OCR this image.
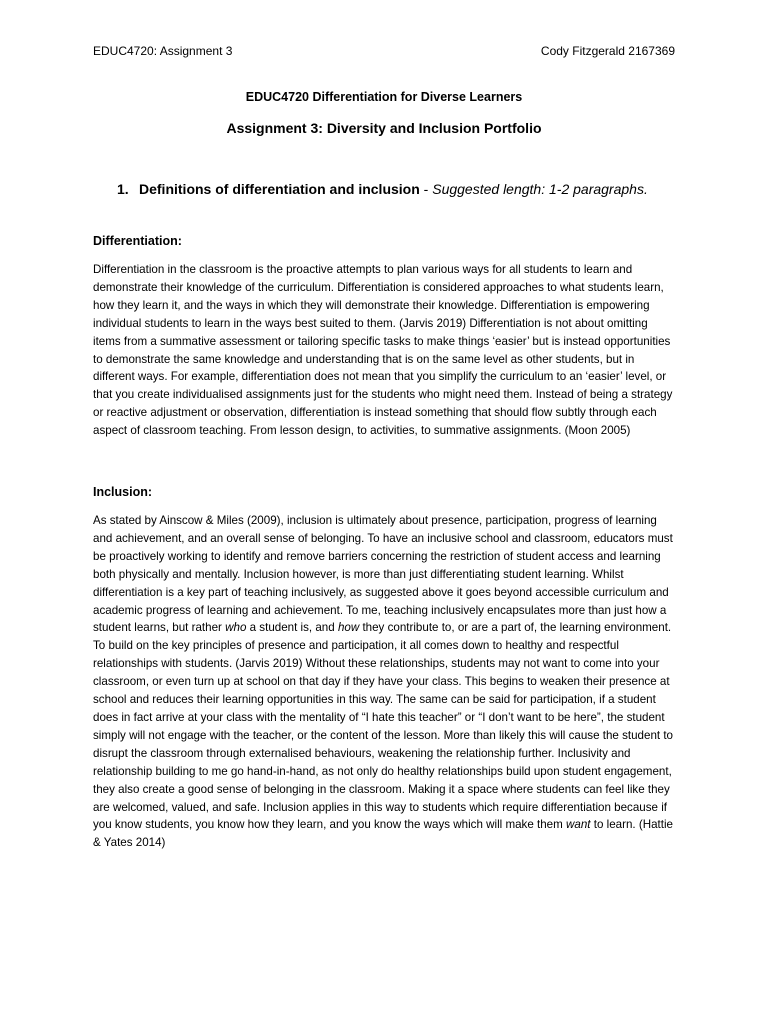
EDUC4720: Assignment 3	Cody Fitzgerald 2167369
EDUC4720 Differentiation for Diverse Learners
Assignment 3: Diversity and Inclusion Portfolio
1. Definitions of differentiation and inclusion - Suggested length: 1-2 paragraphs.
Differentiation:

Differentiation in the classroom is the proactive attempts to plan various ways for all students to learn and demonstrate their knowledge of the curriculum. Differentiation is considered approaches to what students learn, how they learn it, and the ways in which they will demonstrate their knowledge. Differentiation is empowering individual students to learn in the ways best suited to them. (Jarvis 2019) Differentiation is not about omitting items from a summative assessment or tailoring specific tasks to make things ‘easier’ but is instead opportunities to demonstrate the same knowledge and understanding that is on the same level as other students, but in different ways. For example, differentiation does not mean that you simplify the curriculum to an ‘easier’ level, or that you create individualised assignments just for the students who might need them. Instead of being a strategy or reactive adjustment or observation, differentiation is instead something that should flow subtly through each aspect of classroom teaching. From lesson design, to activities, to summative assignments. (Moon 2005)

Inclusion:

As stated by Ainscow & Miles (2009), inclusion is ultimately about presence, participation, progress of learning and achievement, and an overall sense of belonging. To have an inclusive school and classroom, educators must be proactively working to identify and remove barriers concerning the restriction of student access and learning both physically and mentally. Inclusion however, is more than just differentiating student learning. Whilst differentiation is a key part of teaching inclusively, as suggested above it goes beyond accessible curriculum and academic progress of learning and achievement. To me, teaching inclusively encapsulates more than just how a student learns, but rather who a student is, and how they contribute to, or are a part of, the learning environment. To build on the key principles of presence and participation, it all comes down to healthy and respectful relationships with students. (Jarvis 2019) Without these relationships, students may not want to come into your classroom, or even turn up at school on that day if they have your class. This begins to weaken their presence at school and reduces their learning opportunities in this way. The same can be said for participation, if a student does in fact arrive at your class with the mentality of “I hate this teacher” or “I don’t want to be here”, the student simply will not engage with the teacher, or the content of the lesson. More than likely this will cause the student to disrupt the classroom through externalised behaviours, weakening the relationship further. Inclusivity and relationship building to me go hand-in-hand, as not only do healthy relationships build upon student engagement, they also create a good sense of belonging in the classroom. Making it a space where students can feel like they are welcomed, valued, and safe. Inclusion applies in this way to students which require differentiation because if you know students, you know how they learn, and you know the ways which will make them want to learn. (Hattie & Yates 2014)
